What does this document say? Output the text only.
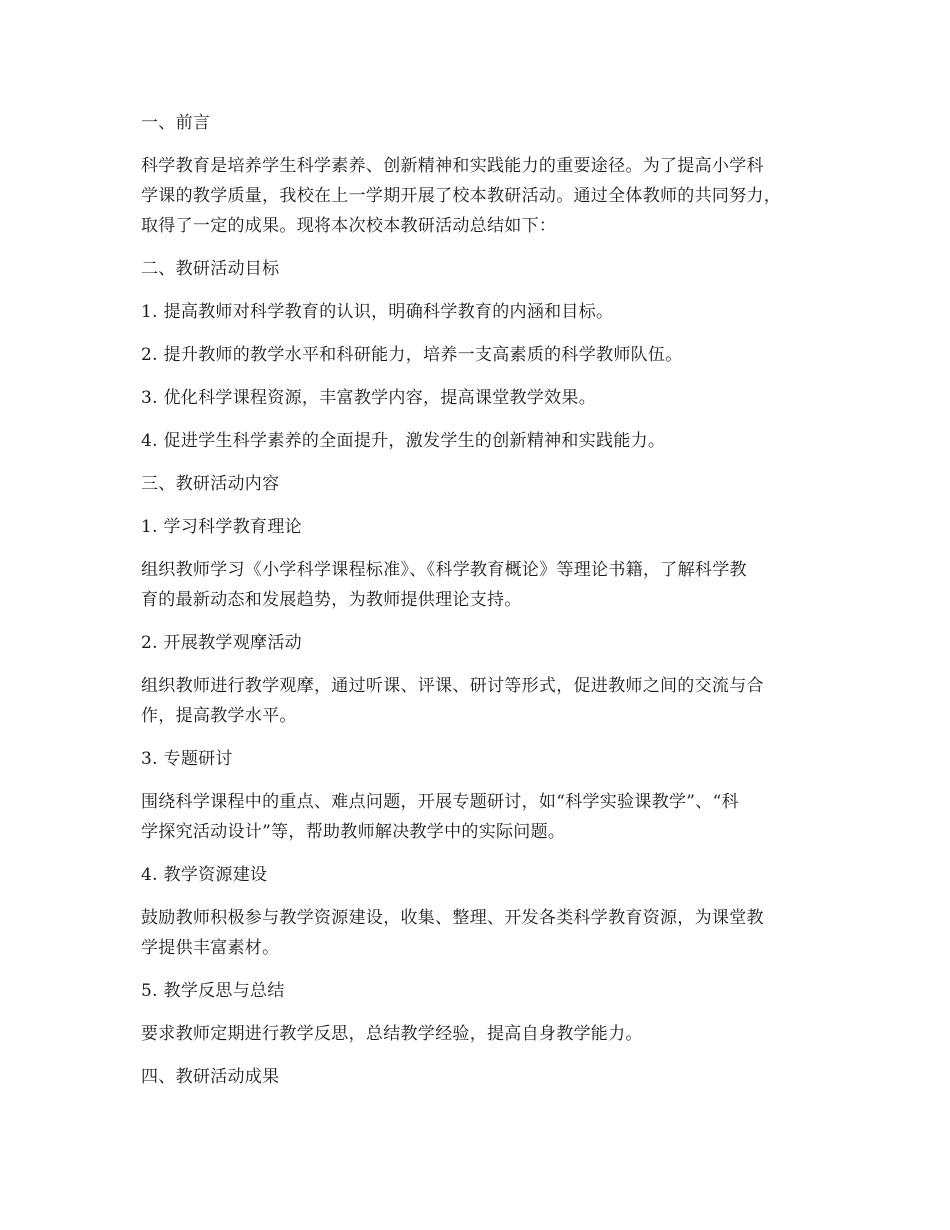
一、前言

科学教育是培养学生科学素养、创新精神和实践能力的重要途径。为了提高小学科

学课的教学质量，我校在上一学期开展了校本教研活动。通过全体教师的共同努力，

取得了一定的成果。现将本次校本教研活动总结如下：

二、教研活动目标

1. 提高教师对科学教育的认识，明确科学教育的内涵和目标。

2. 提升教师的教学水平和科研能力，培养一支高素质的科学教师队伍。

3. 优化科学课程资源，丰富教学内容，提高课堂教学效果。

4. 促进学生科学素养的全面提升，激发学生的创新精神和实践能力。

三、教研活动内容

1. 学习科学教育理论

组织教师学习《小学科学课程标准》、《科学教育概论》等理论书籍，了解科学教

育的最新动态和发展趋势，为教师提供理论支持。

2. 开展教学观摩活动

组织教师进行教学观摩，通过听课、评课、研讨等形式，促进教师之间的交流与合

作，提高教学水平。

3. 专题研讨

围绕科学课程中的重点、难点问题，开展专题研讨，如“科学实验课教学”、“科

学探究活动设计”等，帮助教师解决教学中的实际问题。

4. 教学资源建设

鼓励教师积极参与教学资源建设，收集、整理、开发各类科学教育资源，为课堂教

学提供丰富素材。

5. 教学反思与总结

要求教师定期进行教学反思，总结教学经验，提高自身教学能力。

四、教研活动成果
